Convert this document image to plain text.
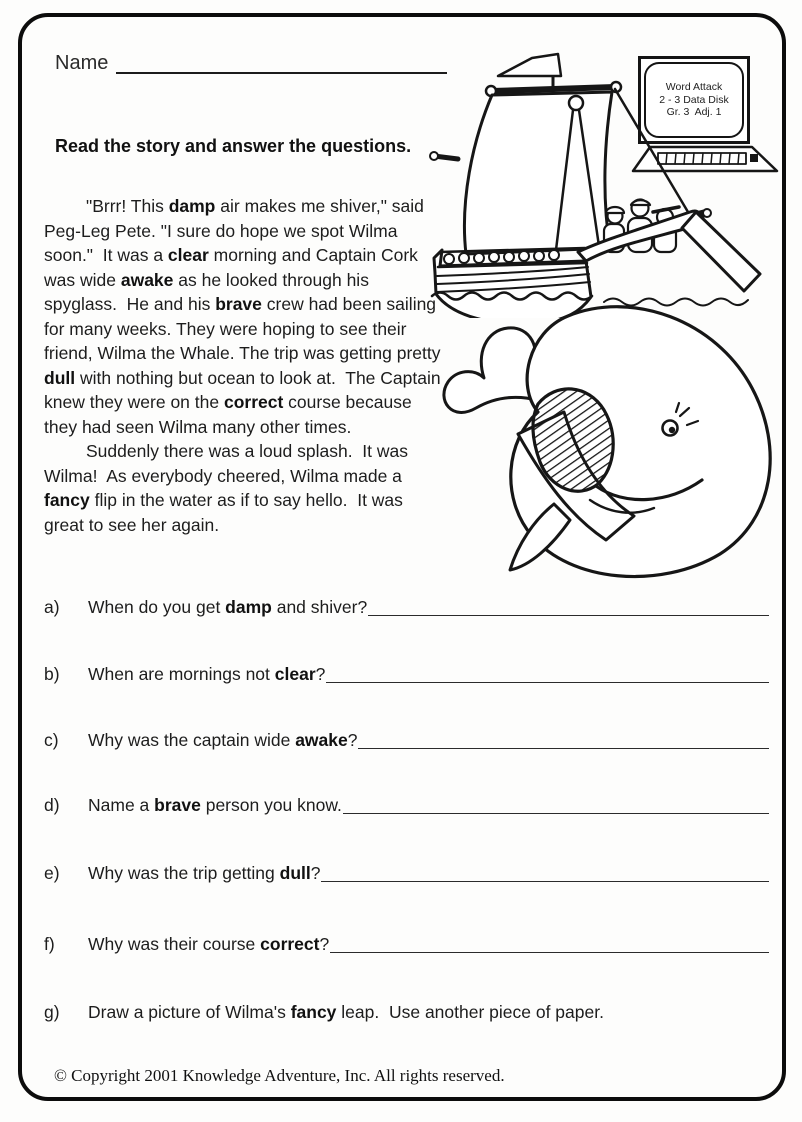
Name
Read the story and answer the questions.
Word Attack
2 - 3 Data Disk
Gr. 3  Adj. 1

"Brrr! This damp air makes me shiver," said Peg-Leg Pete. "I sure do hope we spot Wilma soon."  It was a clear morning and Captain Cork was wide awake as he looked through his spyglass.  He and his brave crew had been sailing for many weeks. They were hoping to see their friend, Wilma the Whale. The trip was getting pretty dull with nothing but ocean to look at.  The Captain knew they were on the correct course because they had seen Wilma many other times.

Suddenly there was a loud splash.  It was Wilma!  As everybody cheered, Wilma made a fancy flip in the water as if to say hello.  It was great to see her again.

a)	When do you get damp and shiver?
b)	When are mornings not clear?
c)	Why was the captain wide awake?
d)	Name a brave person you know.
e)	Why was the trip getting dull?
f)	Why was their course correct?
g)	Draw a picture of Wilma's fancy leap.  Use another piece of paper.
© Copyright 2001 Knowledge Adventure, Inc. All rights reserved.
